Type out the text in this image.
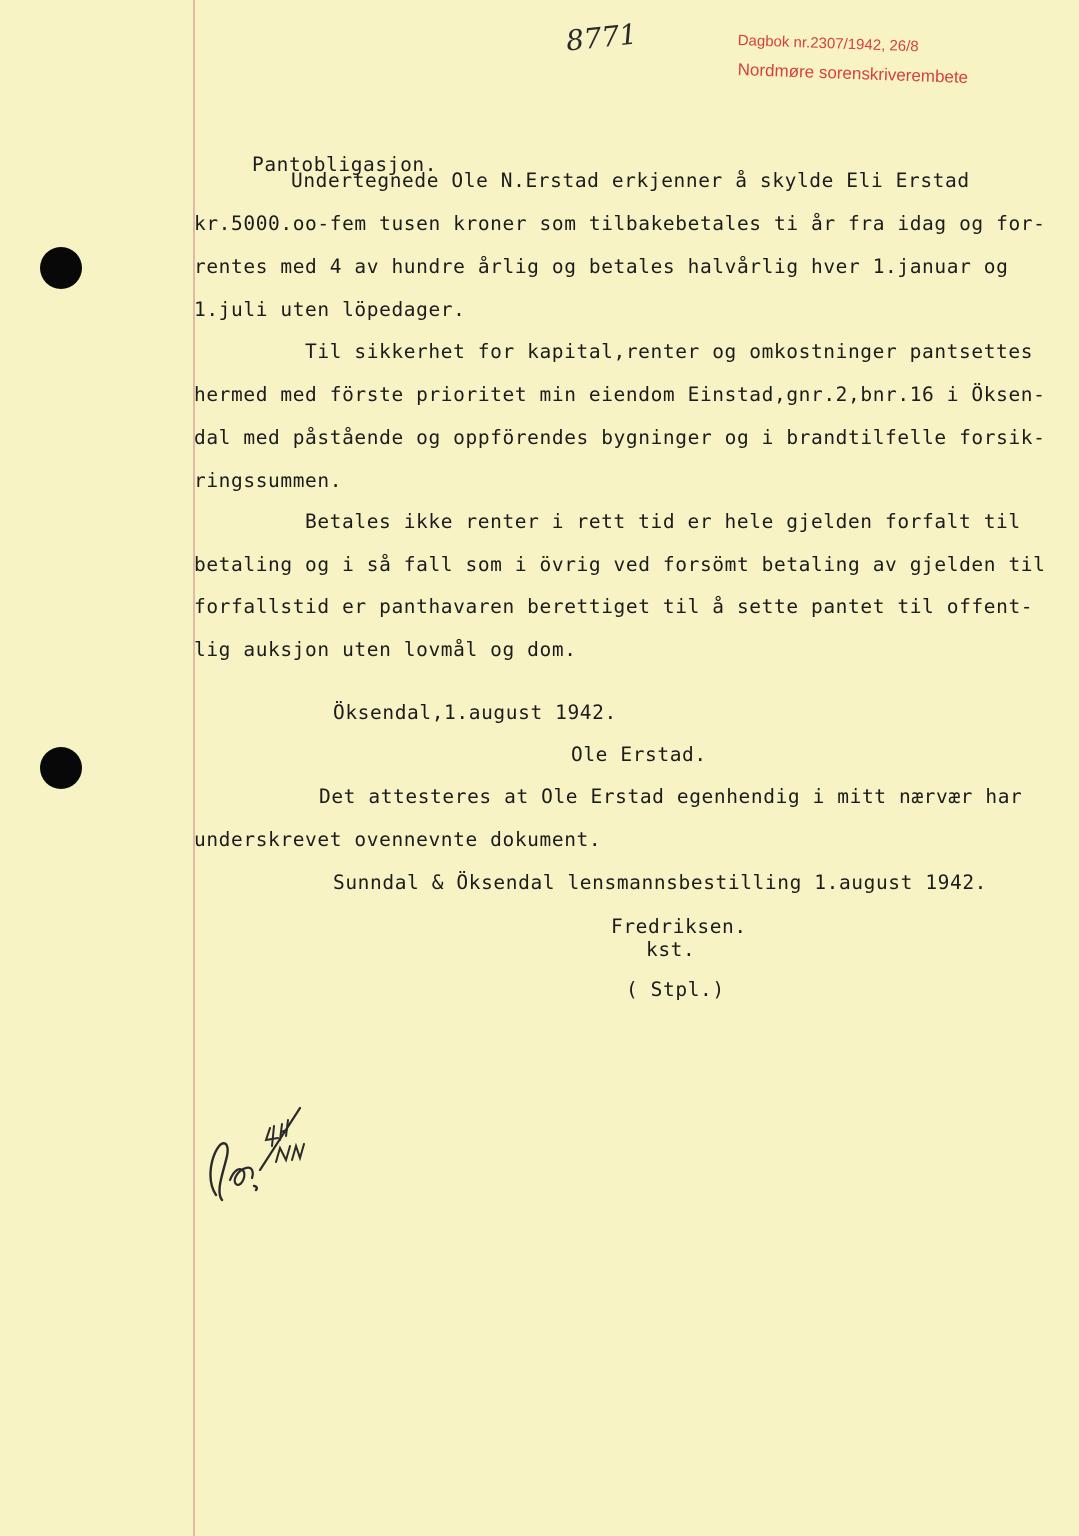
8771	Dagbok nr.2307/1942, 26/8
Nordmøre sorenskriverembete
Pantobligasjon.
Undertegnede Ole N.Erstad erkjenner å skylde Eli Erstad
kr.5000.oo-fem tusen kroner som tilbakebetales ti år fra idag og for-
rentes med 4 av hundre årlig og betales halvårlig hver 1.januar og
1.juli uten löpedager.
Til sikkerhet for kapital,renter og omkostninger pantsettes
hermed med förste prioritet min eiendom Einstad,gnr.2,bnr.16 i Öksen-
dal med påstående og oppförendes bygninger og i brandtilfelle forsik-
ringssummen.
Betales ikke renter i rett tid er hele gjelden forfalt til
betaling og i så fall som i övrig ved forsömt betaling av gjelden til
forfallstid er panthavaren berettiget til å sette pantet til offent-
lig auksjon uten lovmål og dom.
Öksendal,1.august 1942.
Ole Erstad.
Det attesteres at Ole Erstad egenhendig i mitt nærvær har
underskrevet ovennevnte dokument.
Sunndal & Öksendal lensmannsbestilling 1.august 1942.
Fredriksen.
kst.
( Stpl.)
